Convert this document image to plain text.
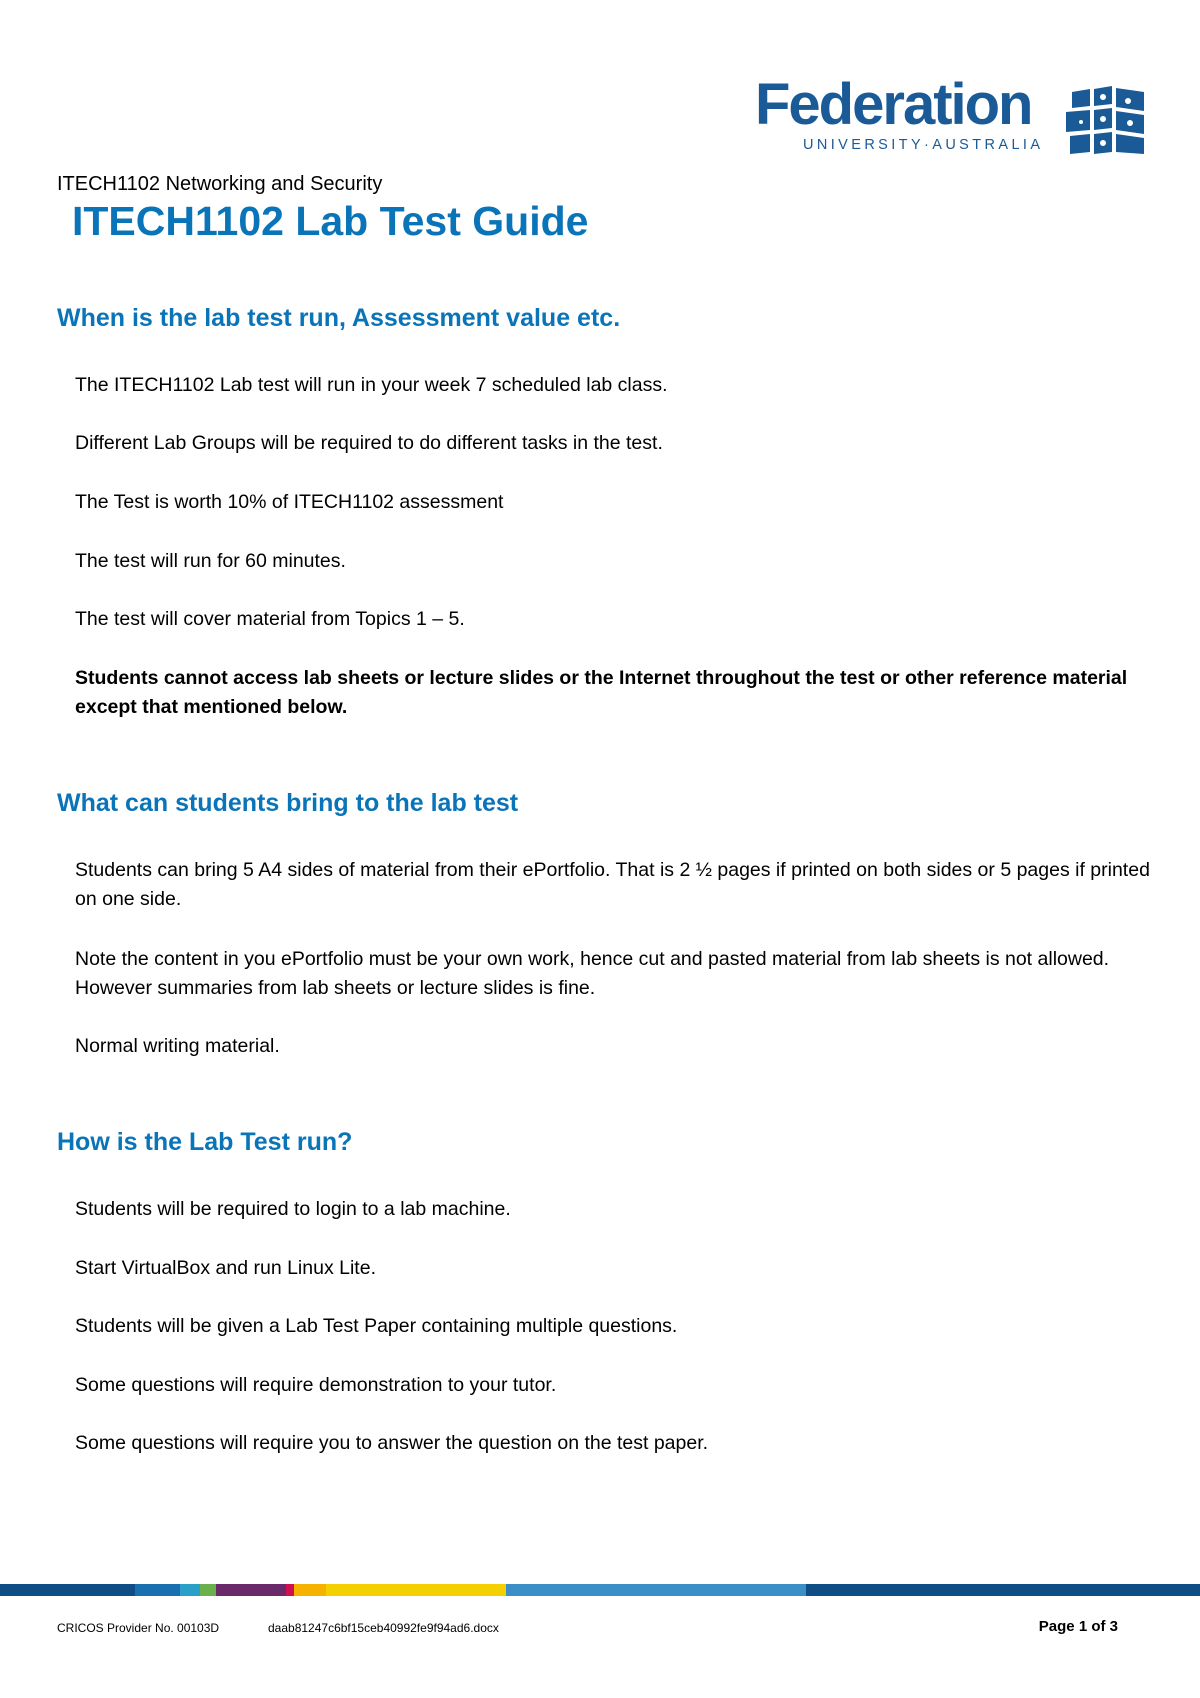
Federation
UNIVERSITY·AUSTRALIA
ITECH1102 Networking and Security
ITECH1102 Lab Test Guide
When is the lab test run, Assessment value etc.

The ITECH1102 Lab test will run in your week 7 scheduled lab class.

Different Lab Groups will be required to do different tasks in the test.

The Test is worth 10% of ITECH1102 assessment

The test will run for 60 minutes.

The test will cover material from Topics 1 – 5.

Students cannot access lab sheets or lecture slides or the Internet throughout the test or other reference material except that mentioned below.

What can students bring to the lab test

Students can bring 5 A4 sides of material from their ePortfolio. That is 2 ½ pages if printed on both sides or 5 pages if printed on one side.

Note the content in you ePortfolio must be your own work, hence cut and pasted material from lab sheets is not allowed. However summaries from lab sheets or lecture slides is fine.

Normal writing material.

How is the Lab Test run?

Students will be required to login to a lab machine.

Start VirtualBox and run Linux Lite.

Students will be given a Lab Test Paper containing multiple questions.

Some questions will require demonstration to your tutor.

Some questions will require you to answer the question on the test paper.

CRICOS Provider No. 00103D	daab81247c6bf15ceb40992fe9f94ad6.docx	Page 1 of 3
